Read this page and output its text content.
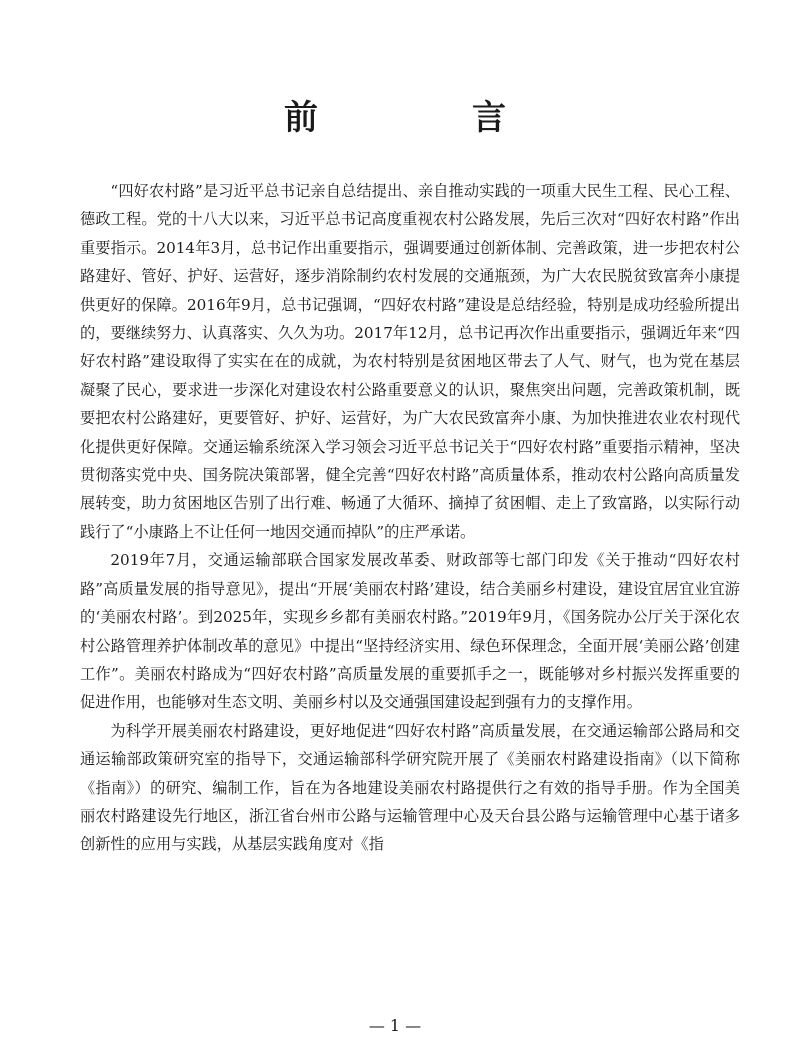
前　言

“四好农村路”是习近平总书记亲自总结提出、亲自推动实践的一项重大民生工程、民心工程、德政工程。党的十八大以来，习近平总书记高度重视农村公路发展，先后三次对“四好农村路”作出重要指示。2014年3月，总书记作出重要指示，强调要通过创新体制、完善政策，进一步把农村公路建好、管好、护好、运营好，逐步消除制约农村发展的交通瓶颈，为广大农民脱贫致富奔小康提供更好的保障。2016年9月，总书记强调，“四好农村路”建设是总结经验，特别是成功经验所提出的，要继续努力、认真落实、久久为功。2017年12月，总书记再次作出重要指示，强调近年来“四好农村路”建设取得了实实在在的成就，为农村特别是贫困地区带去了人气、财气，也为党在基层凝聚了民心，要求进一步深化对建设农村公路重要意义的认识，聚焦突出问题，完善政策机制，既要把农村公路建好，更要管好、护好、运营好，为广大农民致富奔小康、为加快推进农业农村现代化提供更好保障。交通运输系统深入学习领会习近平总书记关于“四好农村路”重要指示精神，坚决贯彻落实党中央、国务院决策部署，健全完善“四好农村路”高质量体系，推动农村公路向高质量发展转变，助力贫困地区告别了出行难、畅通了大循环、摘掉了贫困帽、走上了致富路，以实际行动践行了“小康路上不让任何一地因交通而掉队”的庄严承诺。

2019年7月，交通运输部联合国家发展改革委、财政部等七部门印发《关于推动“四好农村路”高质量发展的指导意见》，提出“开展‘美丽农村路’建设，结合美丽乡村建设，建设宜居宜业宜游的‘美丽农村路’。到2025年，实现乡乡都有美丽农村路。”2019年9月，《国务院办公厅关于深化农村公路管理养护体制改革的意见》中提出“坚持经济实用、绿色环保理念，全面开展‘美丽公路’创建工作”。美丽农村路成为“四好农村路”高质量发展的重要抓手之一，既能够对乡村振兴发挥重要的促进作用，也能够对生态文明、美丽乡村以及交通强国建设起到强有力的支撑作用。

为科学开展美丽农村路建设，更好地促进“四好农村路”高质量发展，在交通运输部公路局和交通运输部政策研究室的指导下，交通运输部科学研究院开展了《美丽农村路建设指南》（以下简称《指南》）的研究、编制工作，旨在为各地建设美丽农村路提供行之有效的指导手册。作为全国美丽农村路建设先行地区，浙江省台州市公路与运输管理中心及天台县公路与运输管理中心基于诸多创新性的应用与实践，从基层实践角度对《指

— 1 —
